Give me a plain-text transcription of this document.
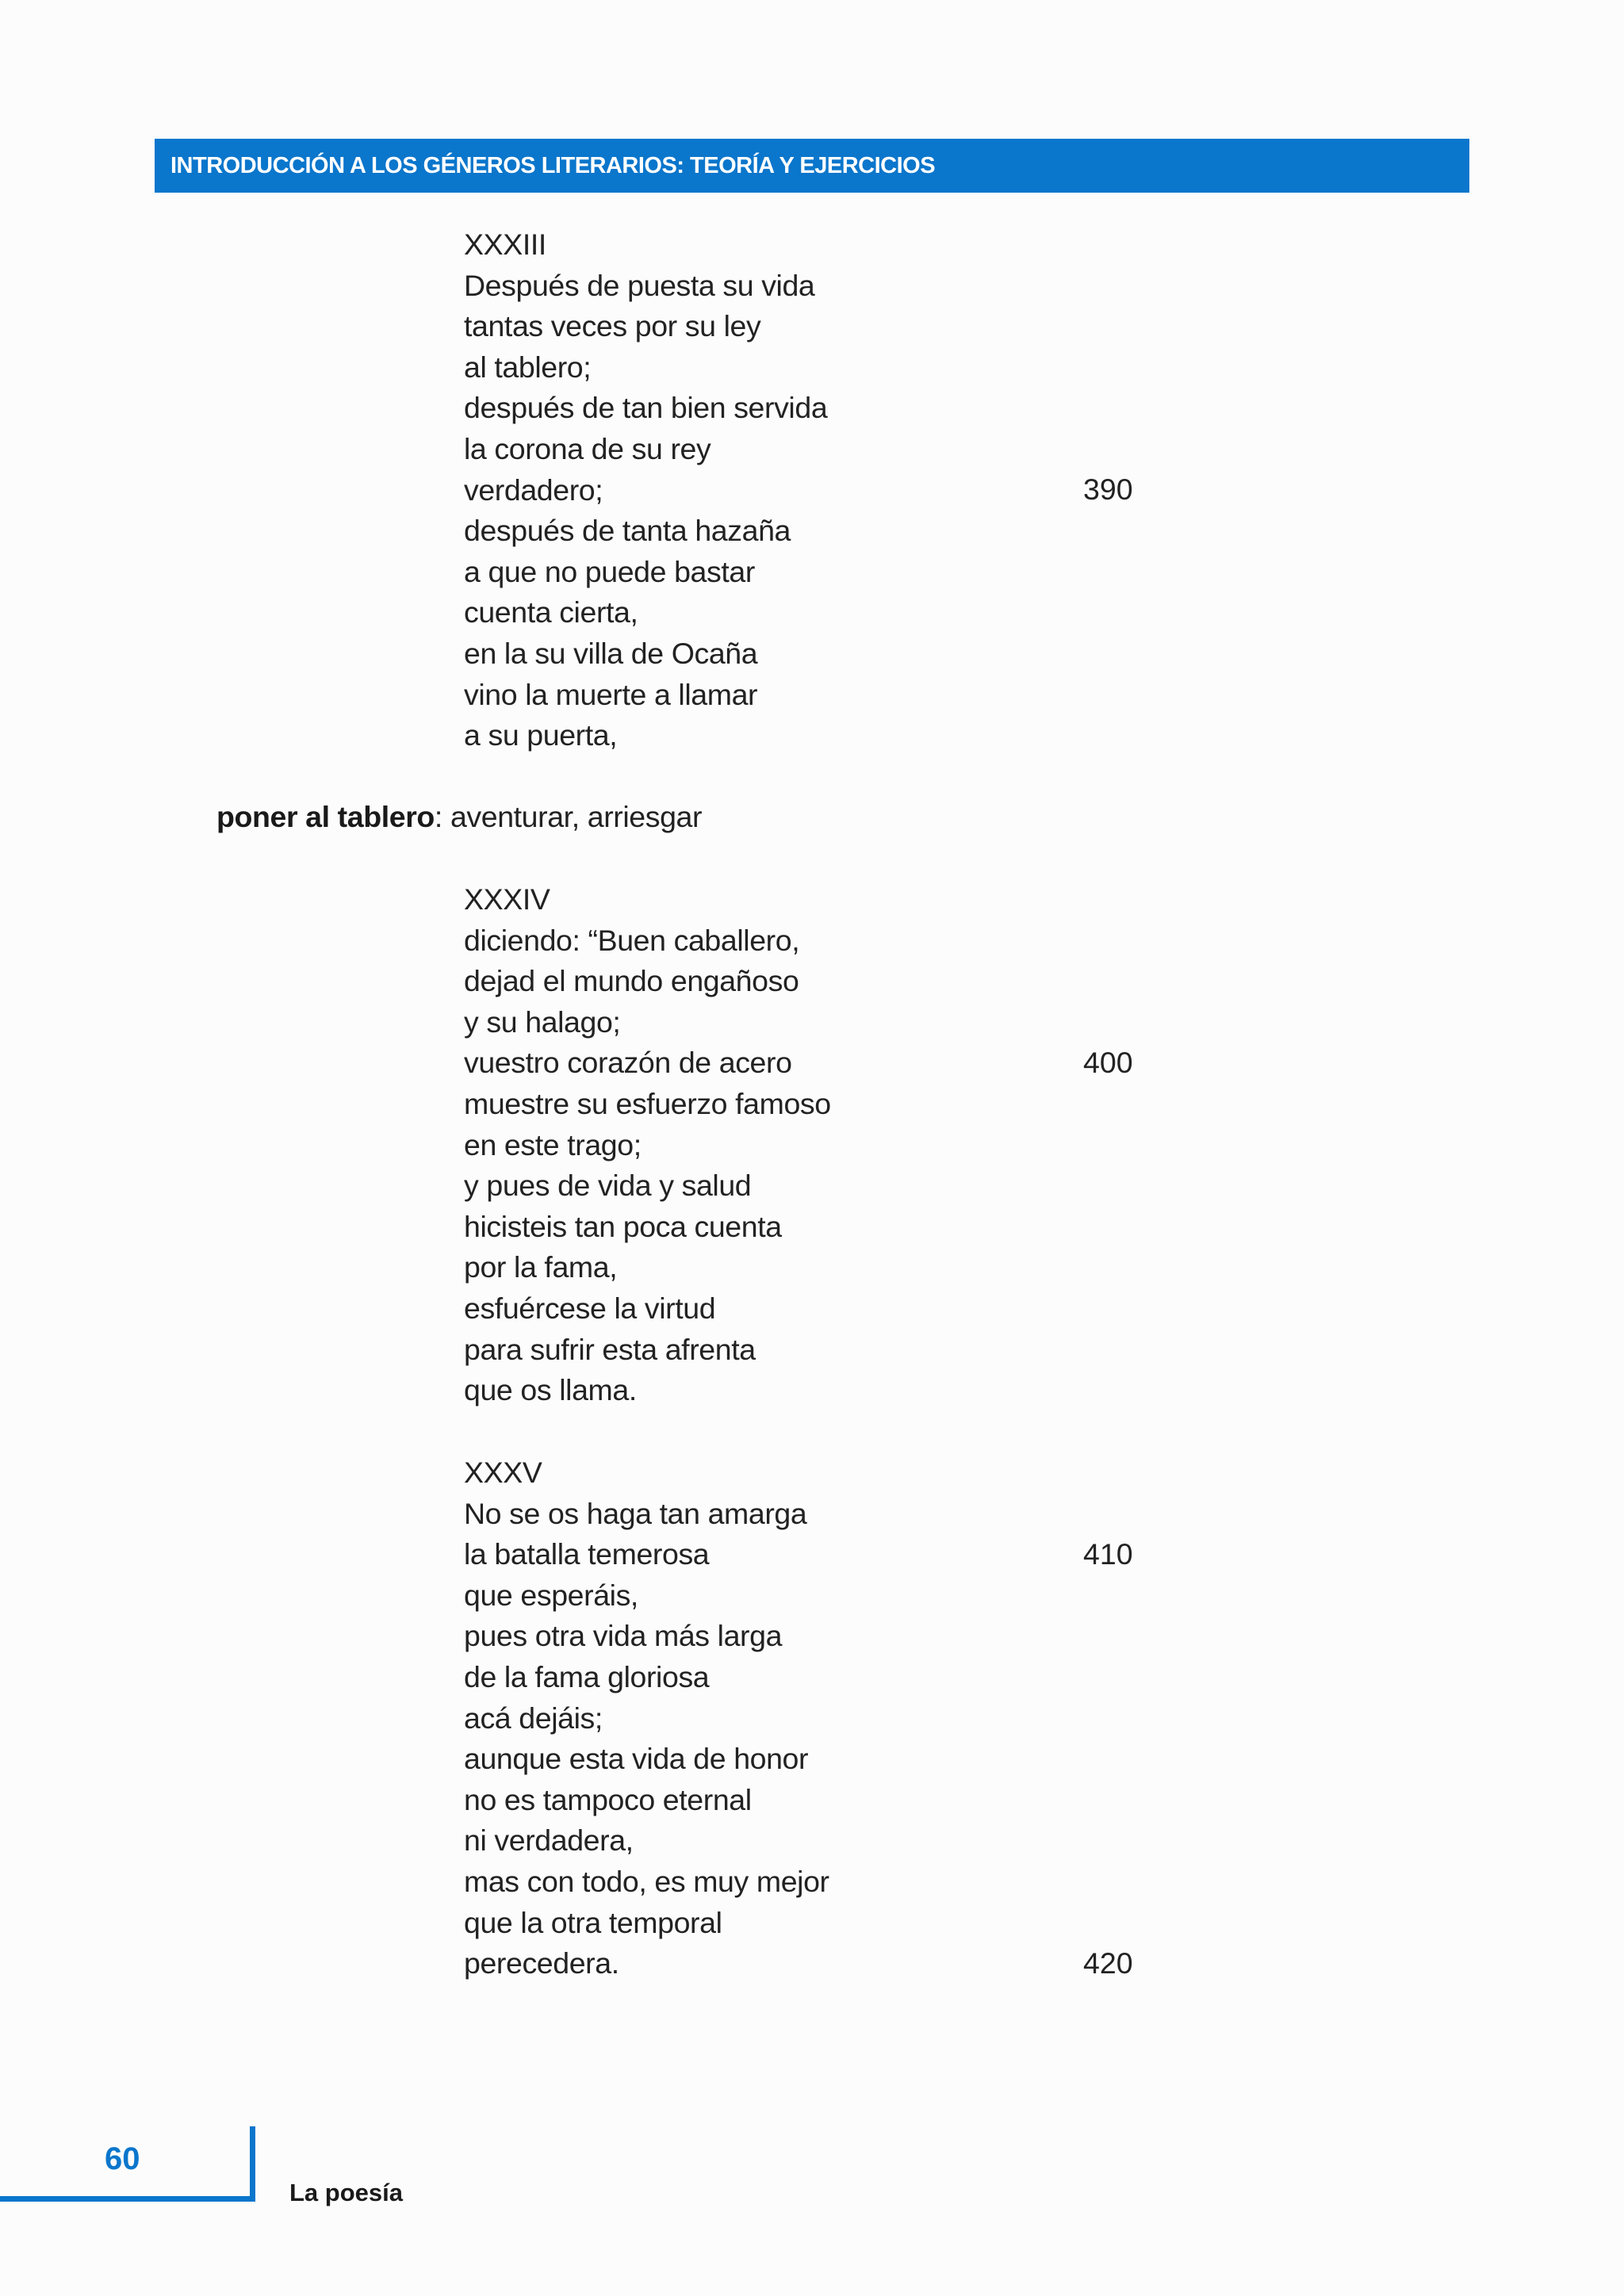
INTRODUCCIÓN A LOS GÉNEROS LITERARIOS: TEORÍA Y EJERCICIOS
XXXIII
Después de puesta su vida
tantas veces por su ley
al tablero;
después de tan bien servida
la corona de su rey
verdadero;
después de tanta hazaña
a que no puede bastar
cuenta cierta,
en la su villa de Ocaña
vino la muerte a llamar
a su puerta,
390
poner al tablero: aventurar, arriesgar
XXXIV
diciendo: “Buen caballero,
dejad el mundo engañoso
y su halago;
vuestro corazón de acero
muestre su esfuerzo famoso
en este trago;
y pues de vida y salud
hicisteis tan poca cuenta
por la fama,
esfuércese la virtud
para sufrir esta afrenta
que os llama.
400
XXXV
No se os haga tan amarga
la batalla temerosa
que esperáis,
pues otra vida más larga
de la fama gloriosa
acá dejáis;
aunque esta vida de honor
no es tampoco eternal
ni verdadera,
mas con todo, es muy mejor
que la otra temporal
perecedera.
410
420
60
La poesía
